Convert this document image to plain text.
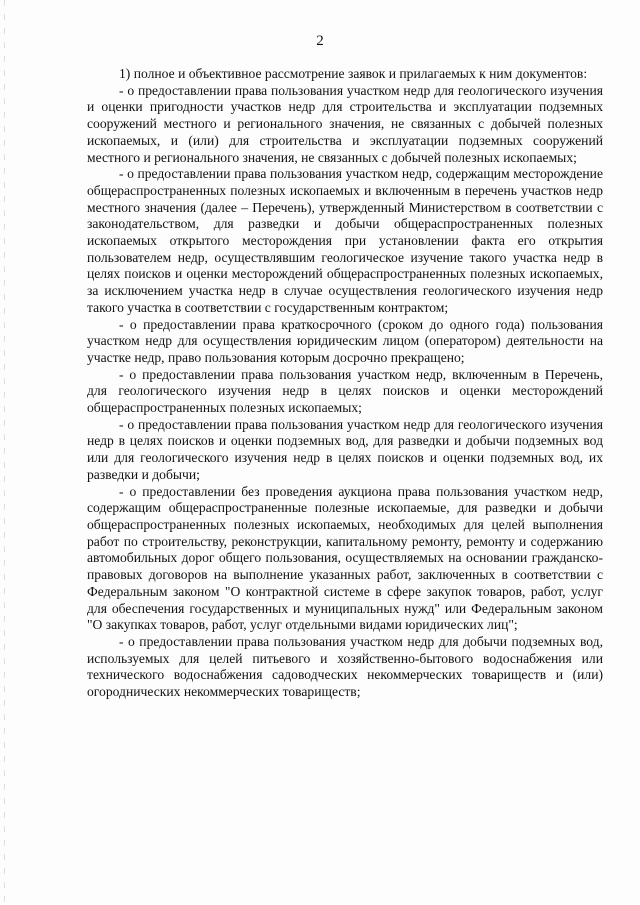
2

1) полное и объективное рассмотрение заявок и прилагаемых к ним документов:

- о предоставлении права пользования участком недр для геологического изучения и оценки пригодности участков недр для строительства и эксплуатации подземных сооружений местного и регионального значения, не связанных с добычей полезных ископаемых, и (или) для строительства и эксплуатации подземных сооружений местного и регионального значения, не связанных с добычей полезных ископаемых;

- о предоставлении права пользования участком недр, содержащим месторождение общераспространенных полезных ископаемых и включенным в перечень участков недр местного значения (далее – Перечень), утвержденный Министерством в соответствии с законодательством, для разведки и добычи общераспространенных полезных ископаемых открытого месторождения при установлении факта его открытия пользователем недр, осуществлявшим геологическое изучение такого участка недр в целях поисков и оценки месторождений общераспространенных полезных ископаемых, за исключением участка недр в случае осуществления геологического изучения недр такого участка в соответствии с государственным контрактом;

- о предоставлении права краткосрочного (сроком до одного года) пользования участком недр для осуществления юридическим лицом (оператором) деятельности на участке недр, право пользования которым досрочно прекращено;

- о предоставлении права пользования участком недр, включенным в Перечень, для геологического изучения недр в целях поисков и оценки месторождений общераспространенных полезных ископаемых;

- о предоставлении права пользования участком недр для геологического изучения недр в целях поисков и оценки подземных вод, для разведки и добычи подземных вод или для геологического изучения недр в целях поисков и оценки подземных вод, их разведки и добычи;

- о предоставлении без проведения аукциона права пользования участком недр, содержащим общераспространенные полезные ископаемые, для разведки и добычи общераспространенных полезных ископаемых, необходимых для целей выполнения работ по строительству, реконструкции, капитальному ремонту, ремонту и содержанию автомобильных дорог общего пользования, осуществляемых на основании гражданско-правовых договоров на выполнение указанных работ, заключенных в соответствии с Федеральным законом "О контрактной системе в сфере закупок товаров, работ, услуг для обеспечения государственных и муниципальных нужд" или Федеральным законом "О закупках товаров, работ, услуг отдельными видами юридических лиц";

- о предоставлении права пользования участком недр для добычи подземных вод, используемых для целей питьевого и хозяйственно-бытового водоснабжения или технического водоснабжения садоводческих некоммерческих товариществ и (или) огороднических некоммерческих товариществ;
